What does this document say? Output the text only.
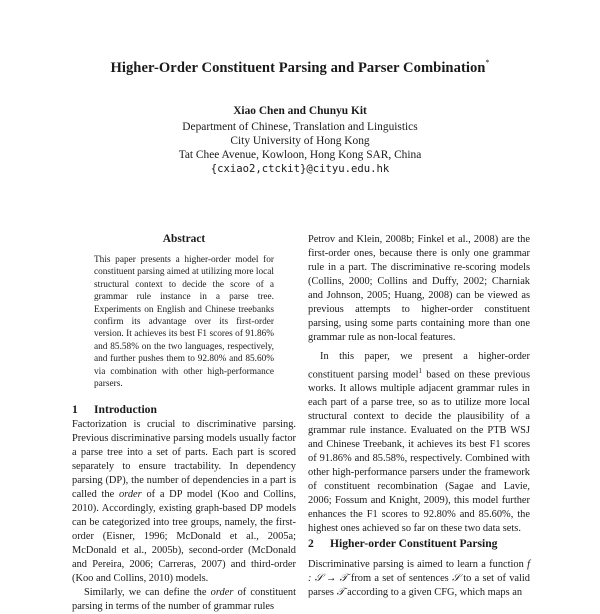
Higher-Order Constituent Parsing and Parser Combination*
Xiao Chen and Chunyu Kit
Department of Chinese, Translation and Linguistics
City University of Hong Kong
Tat Chee Avenue, Kowloon, Hong Kong SAR, China
{cxiao2,ctckit}@cityu.edu.hk
Abstract
This paper presents a higher-order model for constituent parsing aimed at utilizing more local structural context to decide the score of a grammar rule instance in a parse tree. Experiments on English and Chinese treebanks confirm its advantage over its first-order version. It achieves its best F1 scores of 91.86% and 85.58% on the two languages, respectively, and further pushes them to 92.80% and 85.60% via combination with other high-performance parsers.
1 Introduction

Factorization is crucial to discriminative parsing. Previous discriminative parsing models usually factor a parse tree into a set of parts. Each part is scored separately to ensure tractability. In dependency parsing (DP), the number of dependencies in a part is called the order of a DP model (Koo and Collins, 2010). Accordingly, existing graph-based DP models can be categorized into tree groups, namely, the first-order (Eisner, 1996; McDonald et al., 2005a; McDonald et al., 2005b), second-order (McDonald and Pereira, 2006; Carreras, 2007) and third-order (Koo and Collins, 2010) models.

Similarly, we can define the order of constituent parsing in terms of the number of grammar rules

Petrov and Klein, 2008b; Finkel et al., 2008) are the first-order ones, because there is only one grammar rule in a part. The discriminative re-scoring models (Collins, 2000; Collins and Duffy, 2002; Charniak and Johnson, 2005; Huang, 2008) can be viewed as previous attempts to higher-order constituent parsing, using some parts containing more than one grammar rule as non-local features.

In this paper, we present a higher-order constituent parsing model$^1$ based on these previous works. It allows multiple adjacent grammar rules in each part of a parse tree, so as to utilize more local structural context to decide the plausibility of a grammar rule instance. Evaluated on the PTB WSJ and Chinese Treebank, it achieves its best F1 scores of 91.86% and 85.58%, respectively. Combined with other high-performance parsers under the framework of constituent recombination (Sagae and Lavie, 2006; Fossum and Knight, 2009), this model further enhances the F1 scores to 92.80% and 85.60%, the highest ones achieved so far on these two data sets.

2 Higher-order Constituent Parsing

Discriminative parsing is aimed to learn a function f : 𝒮 → 𝒯 from a set of sentences 𝒮 to a set of valid parses 𝒯 according to a given CFG, which maps an
